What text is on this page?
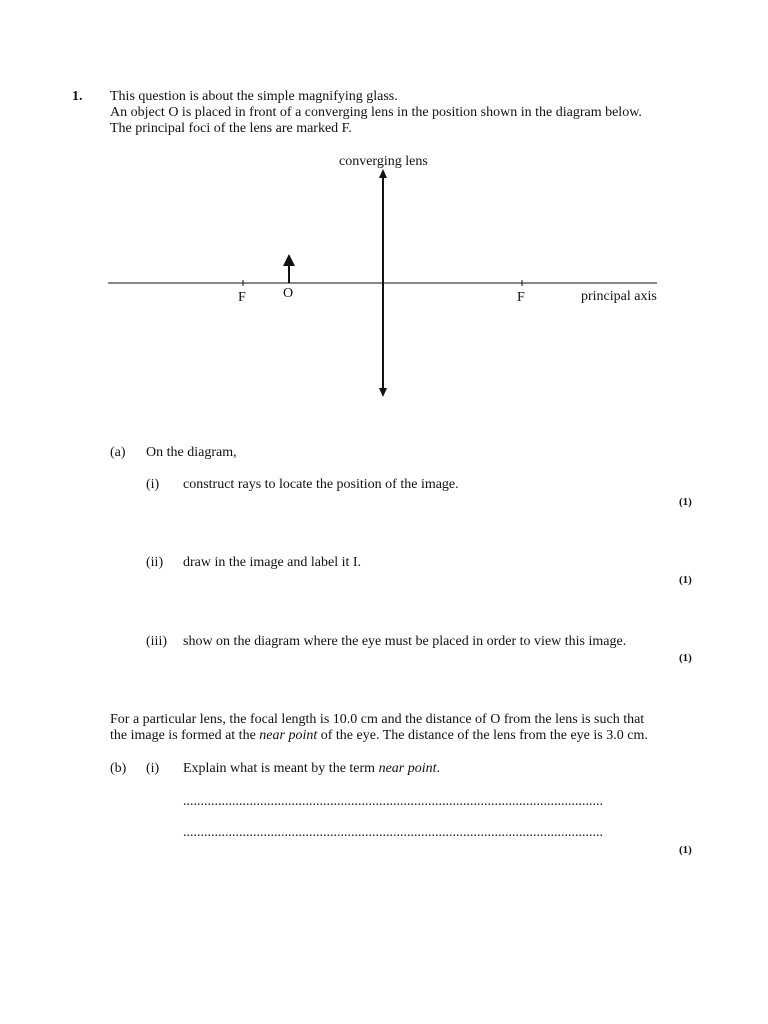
1. This question is about the simple magnifying glass.
An object O is placed in front of a converging lens in the position shown in the diagram below.
The principal foci of the lens are marked F.
converging lens
F	O	F	principal axis
(a) On the diagram,
(i) construct rays to locate the position of the image.
(1)
(ii) draw in the image and label it I.
(1)
(iii) show on the diagram where the eye must be placed in order to view this image.
(1)
For a particular lens, the focal length is 10.0 cm and the distance of O from the lens is such that
the image is formed at the near point of the eye. The distance of the lens from the eye is 3.0 cm.
(b) (i) Explain what is meant by the term near point.
........................................................................................................................
........................................................................................................................
(1)
